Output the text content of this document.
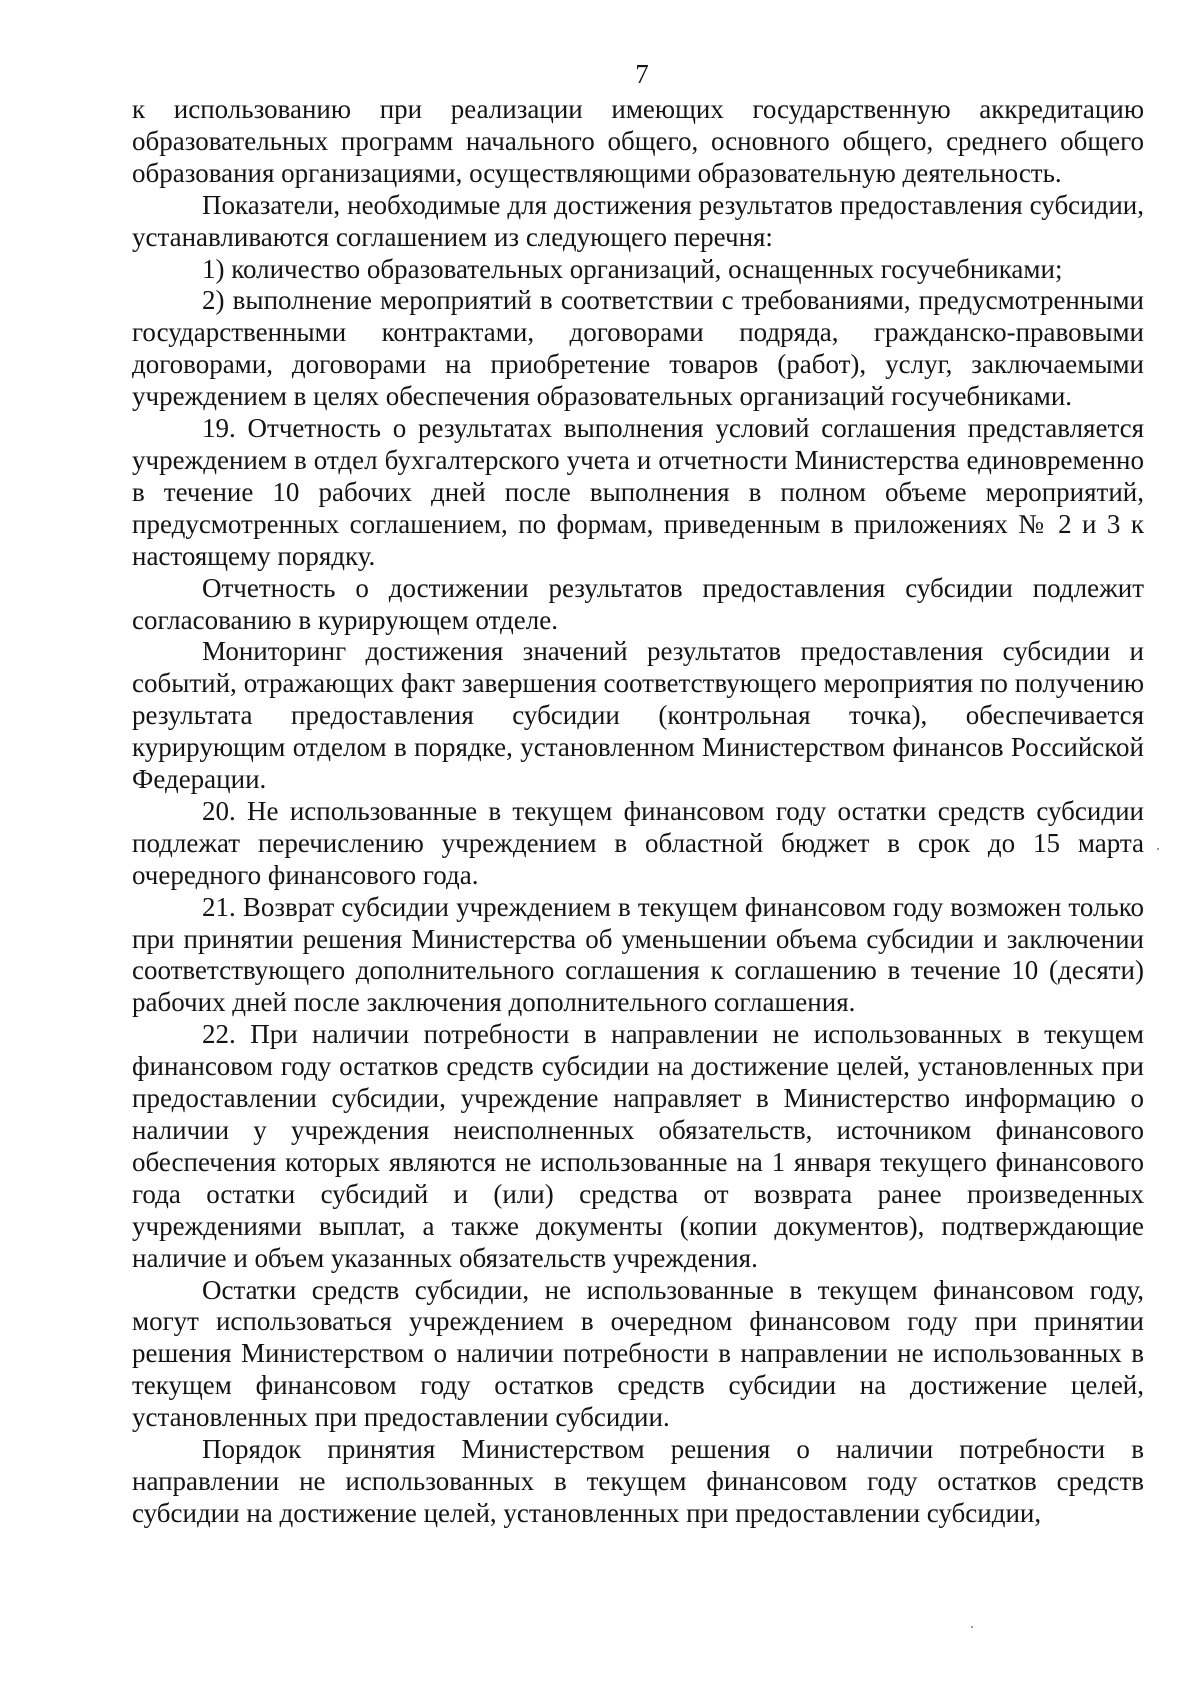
7

к использованию при реализации имеющих государственную аккредитацию образовательных программ начального общего, основного общего, среднего общего образования организациями, осуществляющими образовательную деятельность.

Показатели, необходимые для достижения результатов предоставления субсидии, устанавливаются соглашением из следующего перечня:

1) количество образовательных организаций, оснащенных госучебниками;

2) выполнение мероприятий в соответствии с требованиями, предусмотренными государственными контрактами, договорами подряда, гражданско-правовыми договорами, договорами на приобретение товаров (работ), услуг, заключаемыми учреждением в целях обеспечения образовательных организаций госучебниками.

19. Отчетность о результатах выполнения условий соглашения представляется учреждением в отдел бухгалтерского учета и отчетности Министерства единовременно в течение 10 рабочих дней после выполнения в полном объеме мероприятий, предусмотренных соглашением, по формам, приведенным в приложениях № 2 и 3 к настоящему порядку.

Отчетность о достижении результатов предоставления субсидии подлежит согласованию в курирующем отделе.

Мониторинг достижения значений результатов предоставления субсидии и событий, отражающих факт завершения соответствующего мероприятия по получению результата предоставления субсидии (контрольная точка), обеспечивается курирующим отделом в порядке, установленном Министерством финансов Российской Федерации.

20. Не использованные в текущем финансовом году остатки средств субсидии подлежат перечислению учреждением в областной бюджет в срок до 15 марта очередного финансового года.

21. Возврат субсидии учреждением в текущем финансовом году возможен только при принятии решения Министерства об уменьшении объема субсидии и заключении соответствующего дополнительного соглашения к соглашению в течение 10 (десяти) рабочих дней после заключения дополнительного соглашения.

22. При наличии потребности в направлении не использованных в текущем финансовом году остатков средств субсидии на достижение целей, установленных при предоставлении субсидии, учреждение направляет в Министерство информацию о наличии у учреждения неисполненных обязательств, источником финансового обеспечения которых являются не использованные на 1 января текущего финансового года остатки субсидий и (или) средства от возврата ранее произведенных учреждениями выплат, а также документы (копии документов), подтверждающие наличие и объем указанных обязательств учреждения.

Остатки средств субсидии, не использованные в текущем финансовом году, могут использоваться учреждением в очередном финансовом году при принятии решения Министерством о наличии потребности в направлении не использованных в текущем финансовом году остатков средств субсидии на достижение целей, установленных при предоставлении субсидии.

Порядок принятия Министерством решения о наличии потребности в направлении не использованных в текущем финансовом году остатков средств субсидии на достижение целей, установленных при предоставлении субсидии,
